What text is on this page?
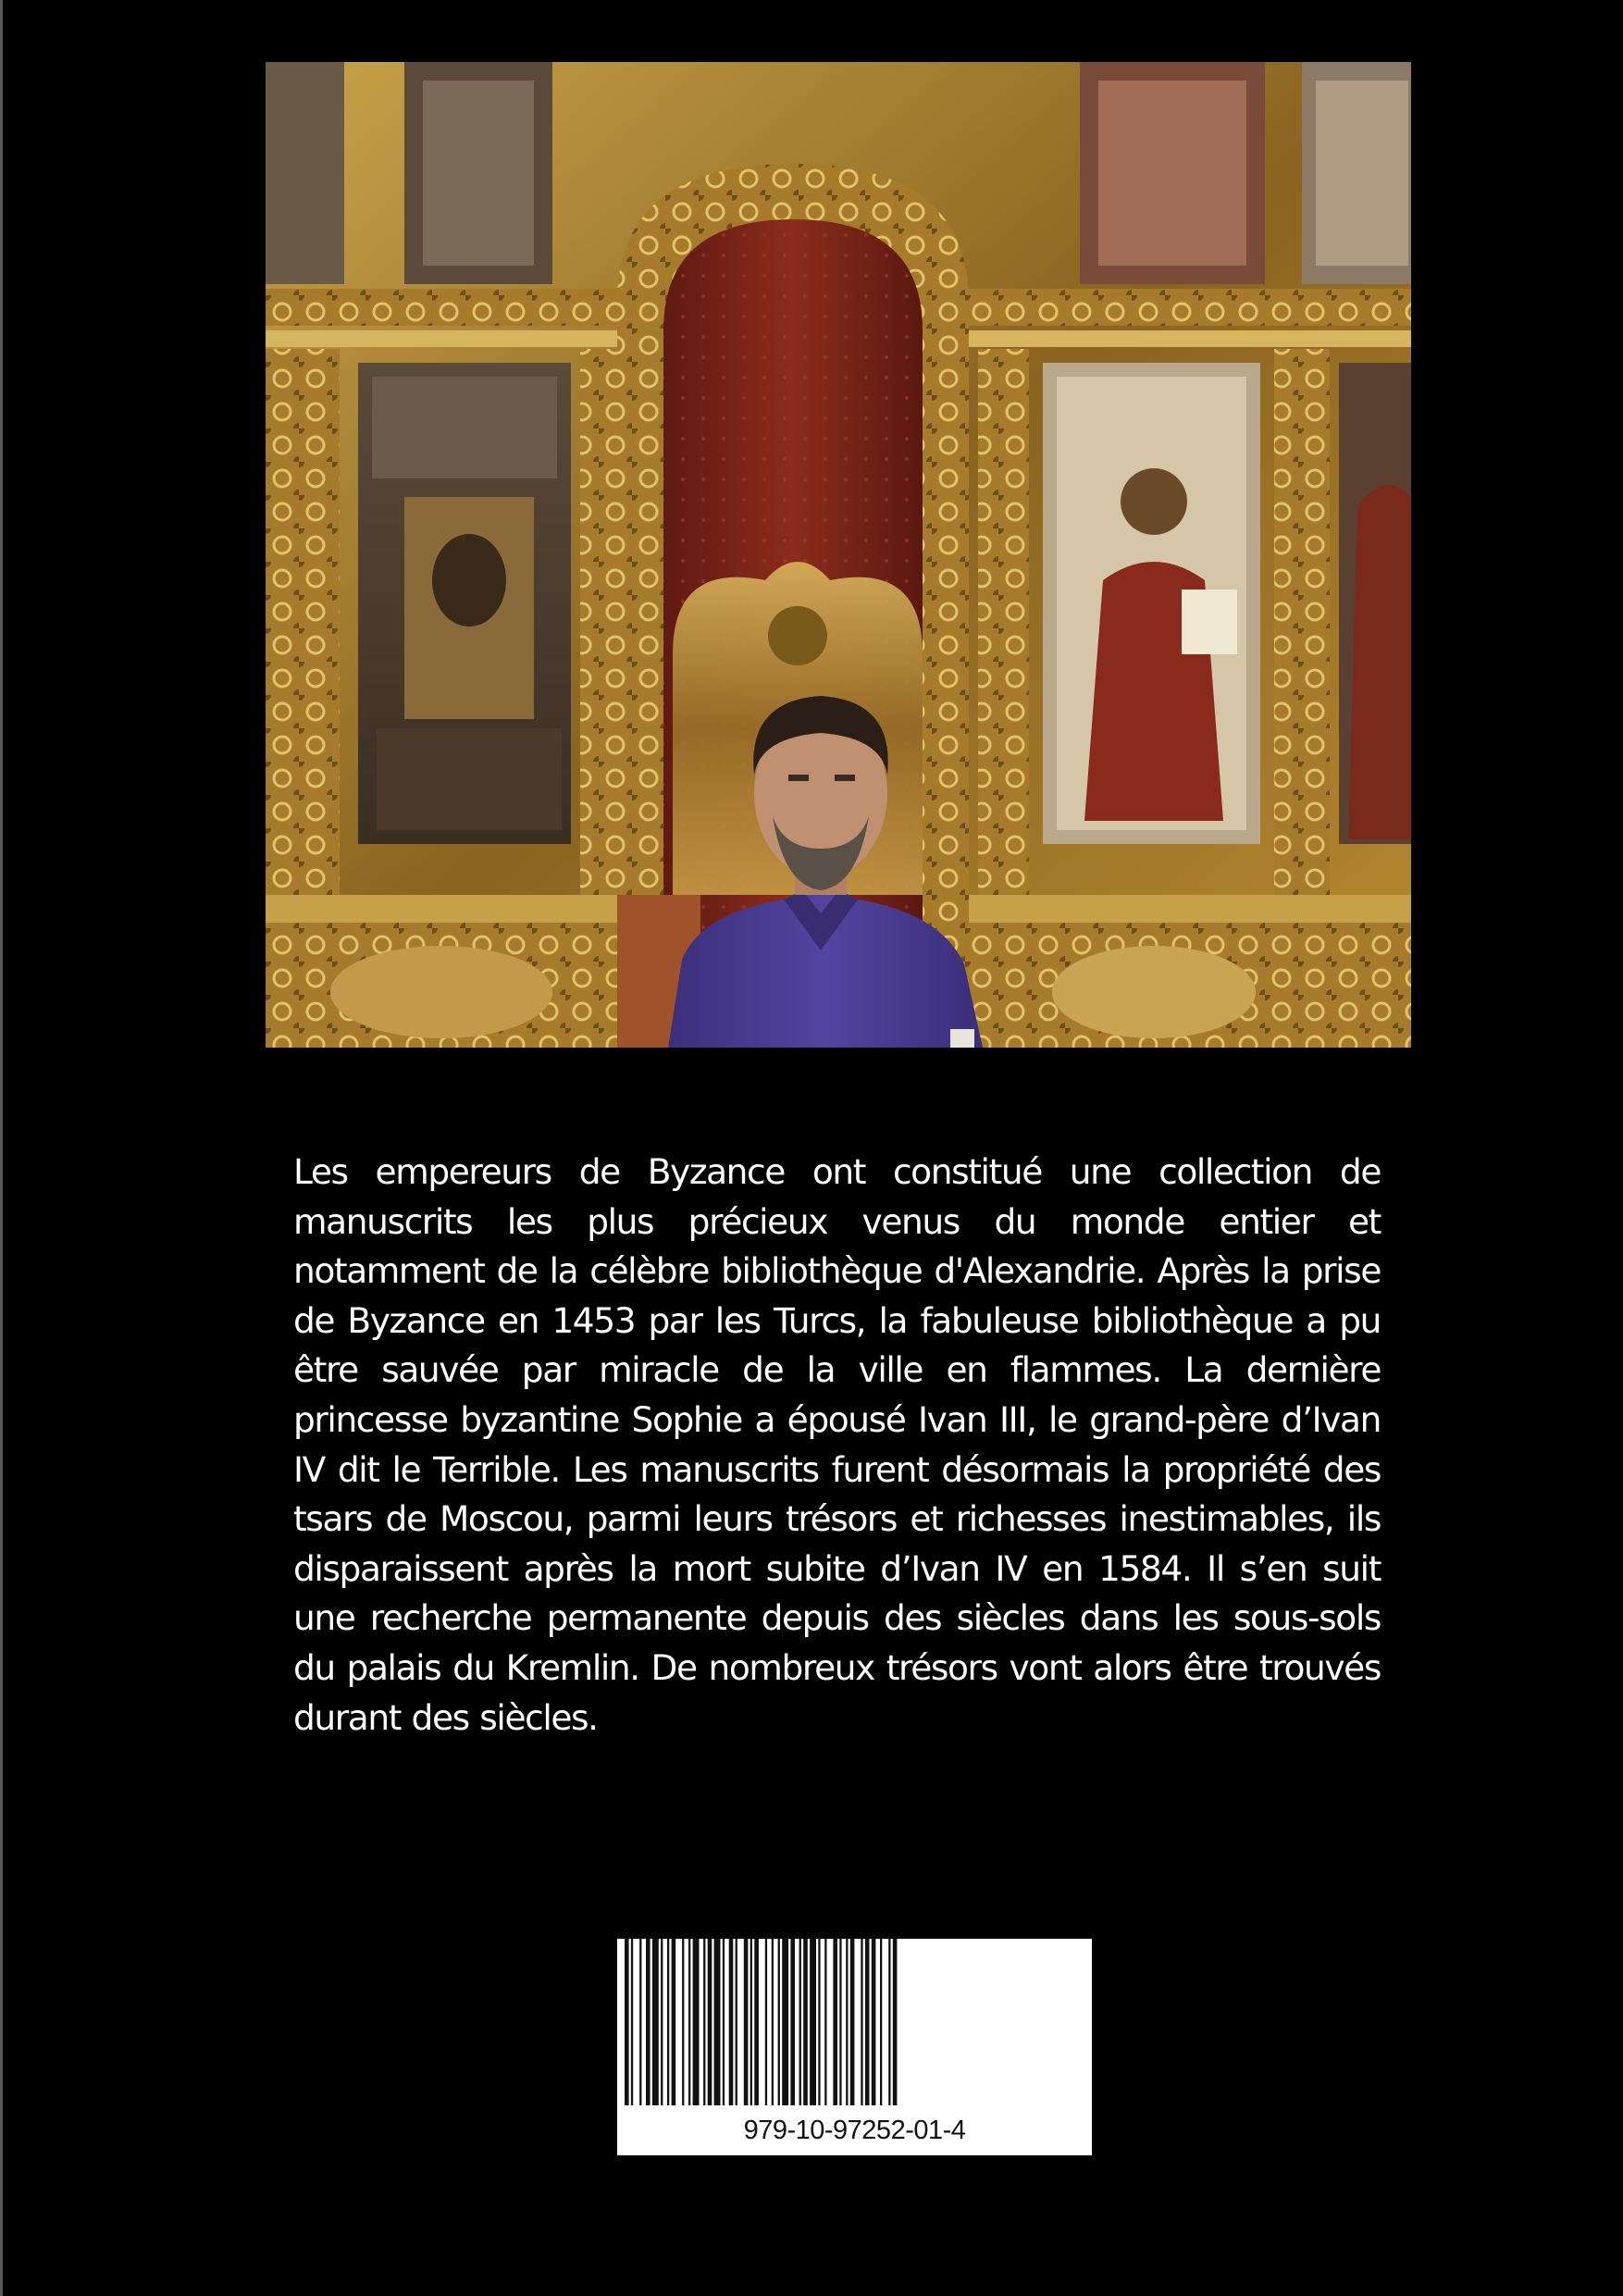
Les empereurs de Byzance ont constitué une collection de manuscrits les plus précieux venus du monde entier et notamment de la célèbre bibliothèque d'Alexandrie. Après la prise de Byzance en 1453 par les Turcs, la fabuleuse bibliothèque a pu être sauvée par miracle de la ville en flammes. La dernière princesse byzantine Sophie a épousé Ivan III, le grand-père d’Ivan IV dit le Terrible. Les manuscrits furent désormais la propriété des tsars de Moscou, parmi leurs trésors et richesses inestimables, ils disparaissent après la mort subite d’Ivan IV en 1584. Il s’en suit une recherche permanente depuis des siècles dans les sous-sols du palais du Kremlin. De nombreux trésors vont alors être trouvés durant des siècles.
979-10-97252-01-4
